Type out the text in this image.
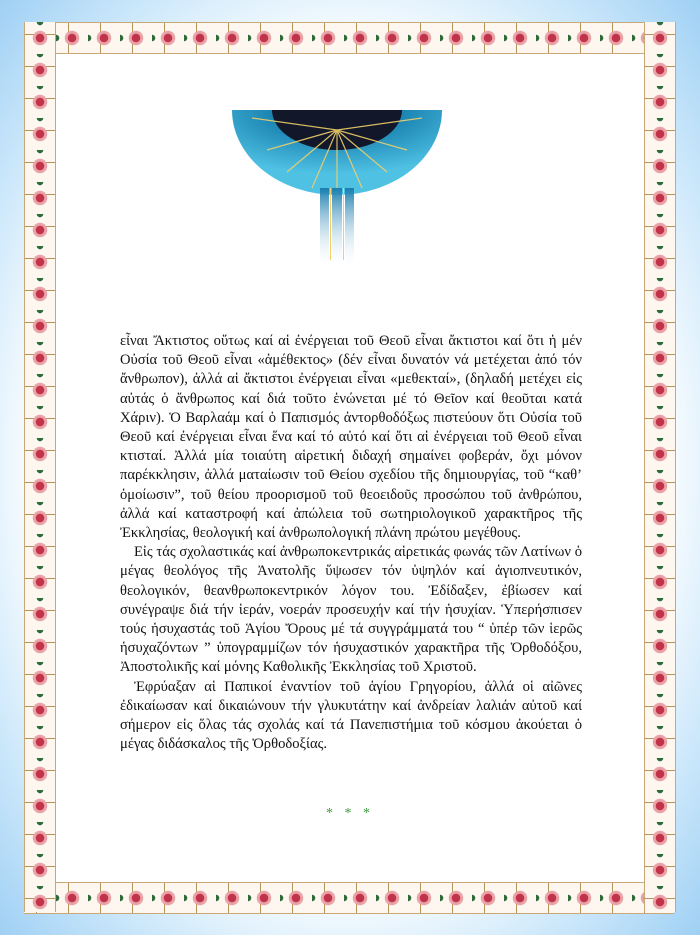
εἶναι Ἄκτιστος οὕτως καί αἱ ἐνέργειαι τοῦ Θεοῦ εἶναι ἄκτιστοι καί ὅτι ἡ μέν Οὐσία τοῦ Θεοῦ εἶναι «ἀμέθεκτος» (δέν εἶναι δυνατόν νά μετέχεται ἀπό τόν ἄνθρωπον), ἀλλά αἱ ἄκτιστοι ἐνέργειαι εἶναι «μεθεκταί», (δηλαδή μετέχει εἰς αὐτάς ὁ ἄνθρωπος καί διά τοῦτο ἑνώνεται μέ τό Θεῖον καί θεοῦται κατά Χάριν). Ὁ Βαρλαάμ καί ὁ Παπισμός ἀντορθοδόξως πιστεύουν ὅτι Οὐσία τοῦ Θεοῦ καί ἐνέργειαι εἶναι ἕνα καί τό αὐτό καί ὅτι αἱ ἐνέργειαι τοῦ Θεοῦ εἶναι κτισταί. Ἀλλά μία τοιαύτη αἱρετική διδαχή σημαίνει φοβεράν, ὄχι μόνον παρέκκλησιν, ἀλλά ματαίωσιν τοῦ Θείου σχεδίου τῆς δημιουργίας, τοῦ “καθ’ ὁμοίωσιν”, τοῦ θείου προορισμοῦ τοῦ θεοειδοῦς προσώπου τοῦ ἀνθρώπου, ἀλλά καί καταστροφή καί ἀπώλεια τοῦ σωτηριολογικοῦ χαρακτῆρος τῆς Ἐκκλησίας, θεολογική καί ἀνθρωπολογική πλάνη πρώτου μεγέθους.

Εἰς τάς σχολαστικάς καί ἀνθρωποκεντρικάς αἱρετικάς φωνάς τῶν Λατίνων ὁ μέγας θεολόγος τῆς Ἀνατολῆς ὕψωσεν τόν ὑψηλόν καί ἁγιοπνευτικόν, θεολογικόν, θεανθρωποκεντρικόν λόγον του. Ἐδίδαξεν, ἐβίωσεν καί συνέγραψε διά τήν ἱεράν, νοεράν προσευχήν καί τήν ἡσυχίαν. Ὑπερήσπισεν τούς ἡσυχαστάς τοῦ Ἁγίου Ὄρους μέ τά συγγράμματά του “ ὑπέρ τῶν ἱερῶς ἡσυχαζόντων ” ὑπογραμμίζων τόν ἡσυχαστικόν χαρακτῆρα τῆς Ὀρθοδόξου, Ἀποστολικῆς καί μόνης Καθολικῆς Ἐκκλησίας τοῦ Χριστοῦ.

Ἐφρύαξαν αἱ Παπικοί ἐναντίον τοῦ ἁγίου Γρηγορίου, ἀλλά οἱ αἰῶνες ἐδικαίωσαν καί δικαιώνουν τήν γλυκυτάτην καί ἀνδρείαν λαλιάν αὐτοῦ καί σήμερον εἰς ὅλας τάς σχολάς καί τά Πανεπιστήμια τοῦ κόσμου ἀκούεται ὁ μέγας διδάσκαλος τῆς Ὀρθοδοξίας.

* * *
